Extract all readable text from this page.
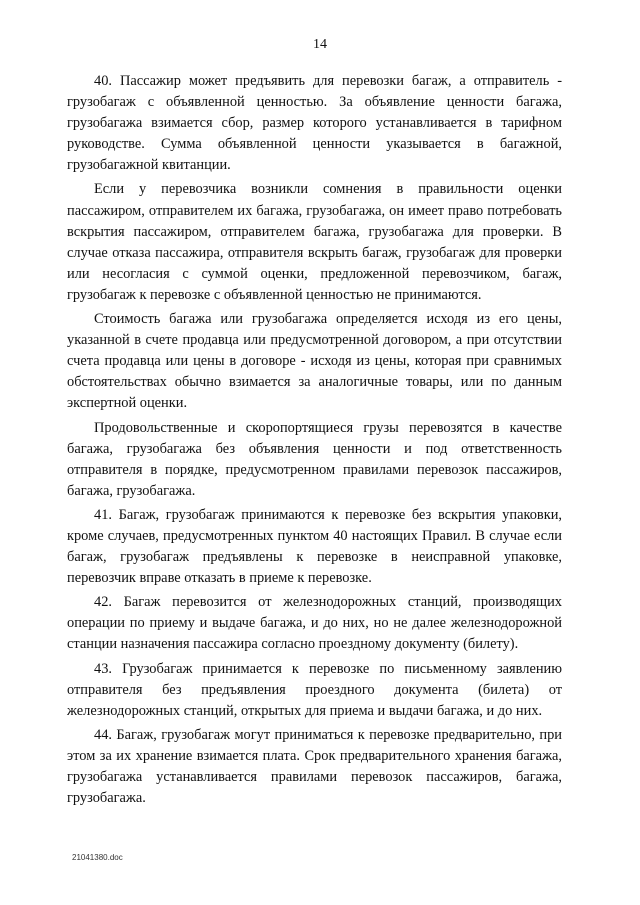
14

40. Пассажир может предъявить для перевозки багаж, а отправитель - грузобагаж с объявленной ценностью. За объявление ценности багажа, грузобагажа взимается сбор, размер которого устанавливается в тарифном руководстве. Сумма объявленной ценности указывается в багажной, грузобагажной квитанции.

Если у перевозчика возникли сомнения в правильности оценки пассажиром, отправителем их багажа, грузобагажа, он имеет право потребовать вскрытия пассажиром, отправителем багажа, грузобагажа для проверки. В случае отказа пассажира, отправителя вскрыть багаж, грузобагаж для проверки или несогласия с суммой оценки, предложенной перевозчиком, багаж, грузобагаж к перевозке с объявленной ценностью не принимаются.

Стоимость багажа или грузобагажа определяется исходя из его цены, указанной в счете продавца или предусмотренной договором, а при отсутствии счета продавца или цены в договоре - исходя из цены, которая при сравнимых обстоятельствах обычно взимается за аналогичные товары, или по данным экспертной оценки.

Продовольственные и скоропортящиеся грузы перевозятся в качестве багажа, грузобагажа без объявления ценности и под ответственность отправителя в порядке, предусмотренном правилами перевозок пассажиров, багажа, грузобагажа.

41. Багаж, грузобагаж принимаются к перевозке без вскрытия упаковки, кроме случаев, предусмотренных пунктом 40 настоящих Правил. В случае если багаж, грузобагаж предъявлены к перевозке в неисправной упаковке, перевозчик вправе отказать в приеме к перевозке.

42. Багаж перевозится от железнодорожных станций, производящих операции по приему и выдаче багажа, и до них, но не далее железнодорожной станции назначения пассажира согласно проездному документу (билету).

43. Грузобагаж принимается к перевозке по письменному заявлению отправителя без предъявления проездного документа (билета) от железнодорожных станций, открытых для приема и выдачи багажа, и до них.

44. Багаж, грузобагаж могут приниматься к перевозке предварительно, при этом за их хранение взимается плата. Срок предварительного хранения багажа, грузобагажа устанавливается правилами перевозок пассажиров, багажа, грузобагажа.

21041380.doc
